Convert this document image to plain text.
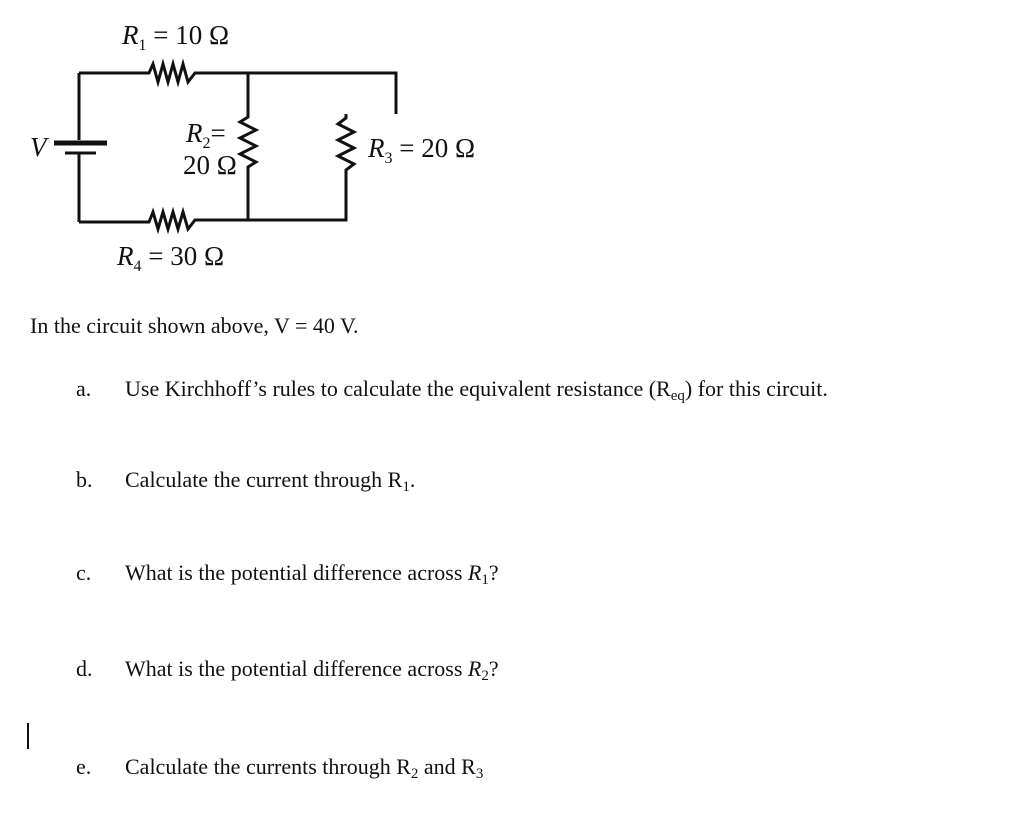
V
$R_1 = 10$ Ω
$R_2=$
20 Ω
$R_3 = 20$ Ω
$R_4 = 30$ Ω
In the circuit shown above, V = 40 V.
a. Use Kirchhoff’s rules to calculate the equivalent resistance $(R_{eq})$ for this circuit.
b. Calculate the current through $R_1$.
c. What is the potential difference across $R_1$?
d. What is the potential difference across $R_2$?
e. Calculate the currents through $R_2$ and $R_3$
